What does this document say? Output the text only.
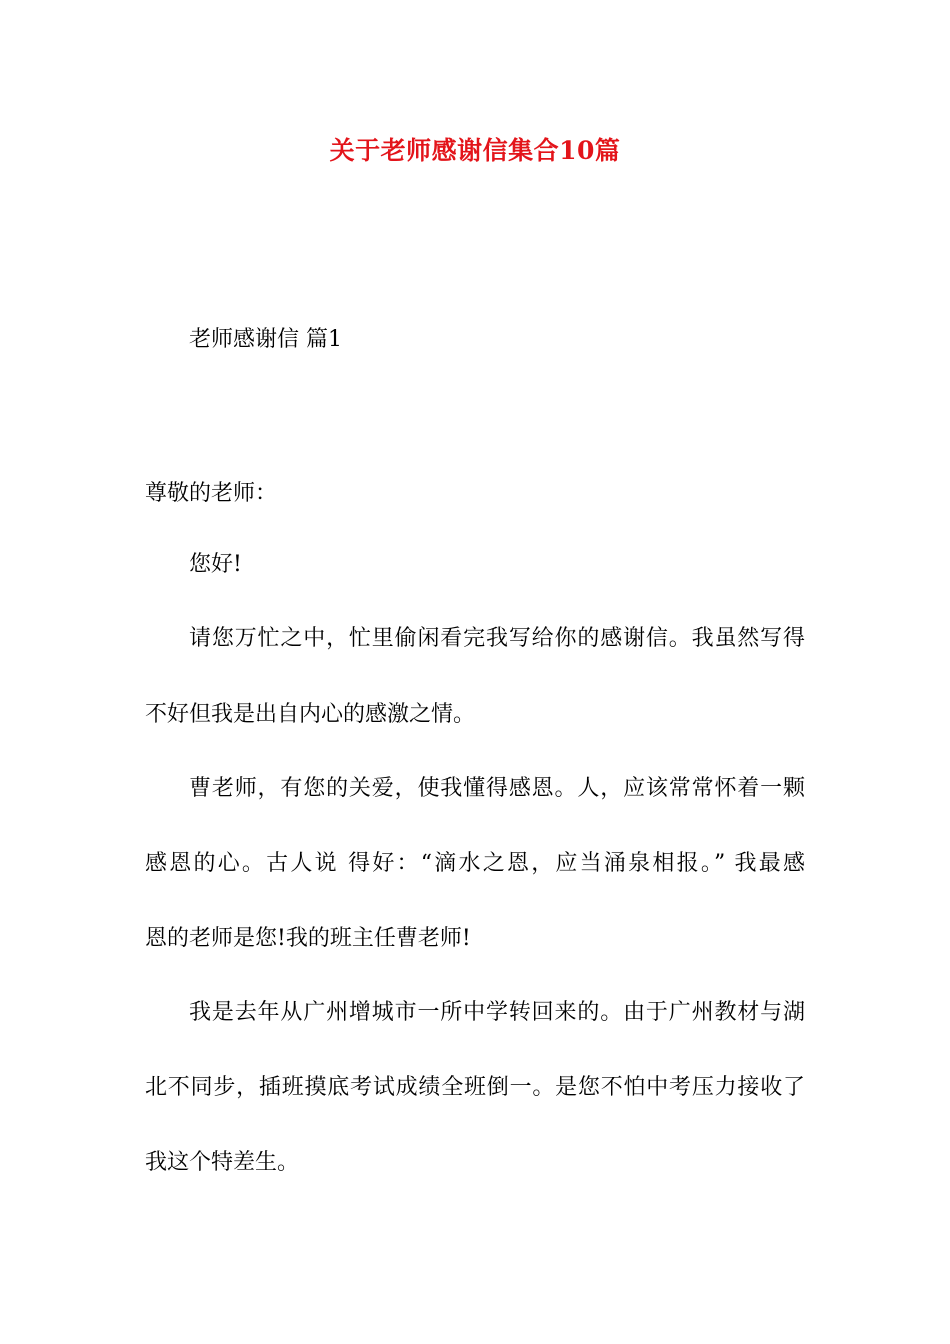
关于老师感谢信集合10篇
老师感谢信 篇1
尊敬的老师：
您好!
请您万忙之中，忙里偷闲看完我写给你的感谢信。我虽然写得
不好但我是出自内心的感激之情。
曹老师，有您的关爱，使我懂得感恩。人，应该常常怀着一颗
感恩的心。古人说 得好：“滴水之恩，应当涌泉相报。” 我最感
恩的老师是您!我的班主任曹老师!
我是去年从广州增城市一所中学转回来的。由于广州教材与湖
北不同步，插班摸底考试成绩全班倒一。是您不怕中考压力接收了
我这个特差生。
